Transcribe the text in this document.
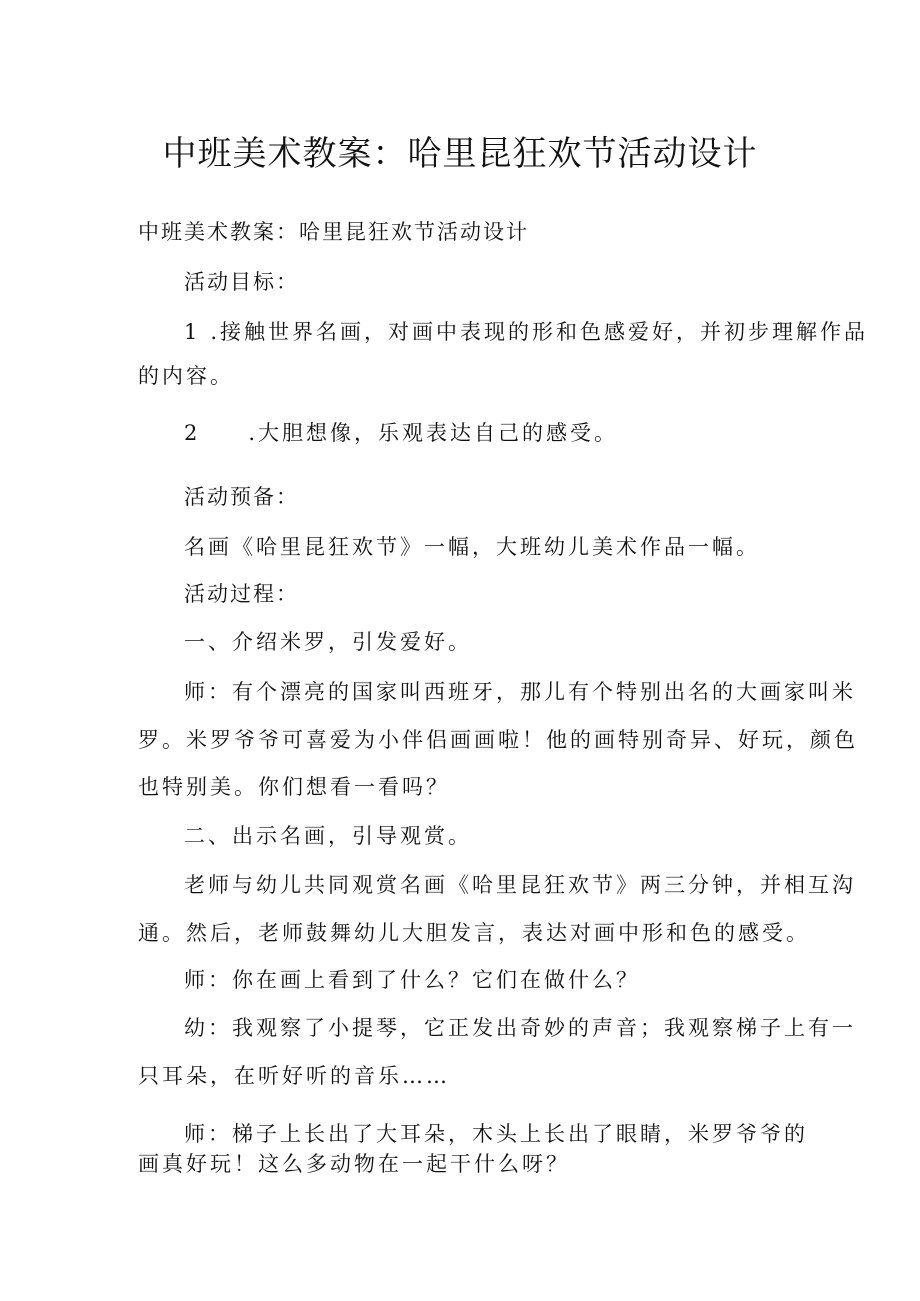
中班美术教案：哈里昆狂欢节活动设计
中班美术教案：哈里昆狂欢节活动设计
活动目标：
1 .接触世界名画，对画中表现的形和色感爱好，并初步理解作品
的内容。
2 .大胆想像，乐观表达自己的感受。
活动预备：
名画《哈里昆狂欢节》一幅，大班幼儿美术作品一幅。
活动过程：
一、介绍米罗，引发爱好。
师：有个漂亮的国家叫西班牙，那儿有个特别出名的大画家叫米
罗。米罗爷爷可喜爱为小伴侣画画啦！他的画特别奇异、好玩，颜色
也特别美。你们想看一看吗？
二、出示名画，引导观赏。
老师与幼儿共同观赏名画《哈里昆狂欢节》两三分钟，并相互沟
通。然后，老师鼓舞幼儿大胆发言，表达对画中形和色的感受。
师：你在画上看到了什么？它们在做什么？
幼：我观察了小提琴，它正发出奇妙的声音；我观察梯子上有一
只耳朵，在听好听的音乐……
师：梯子上长出了大耳朵，木头上长出了眼睛，米罗爷爷的
画真好玩！这么多动物在一起干什么呀？
